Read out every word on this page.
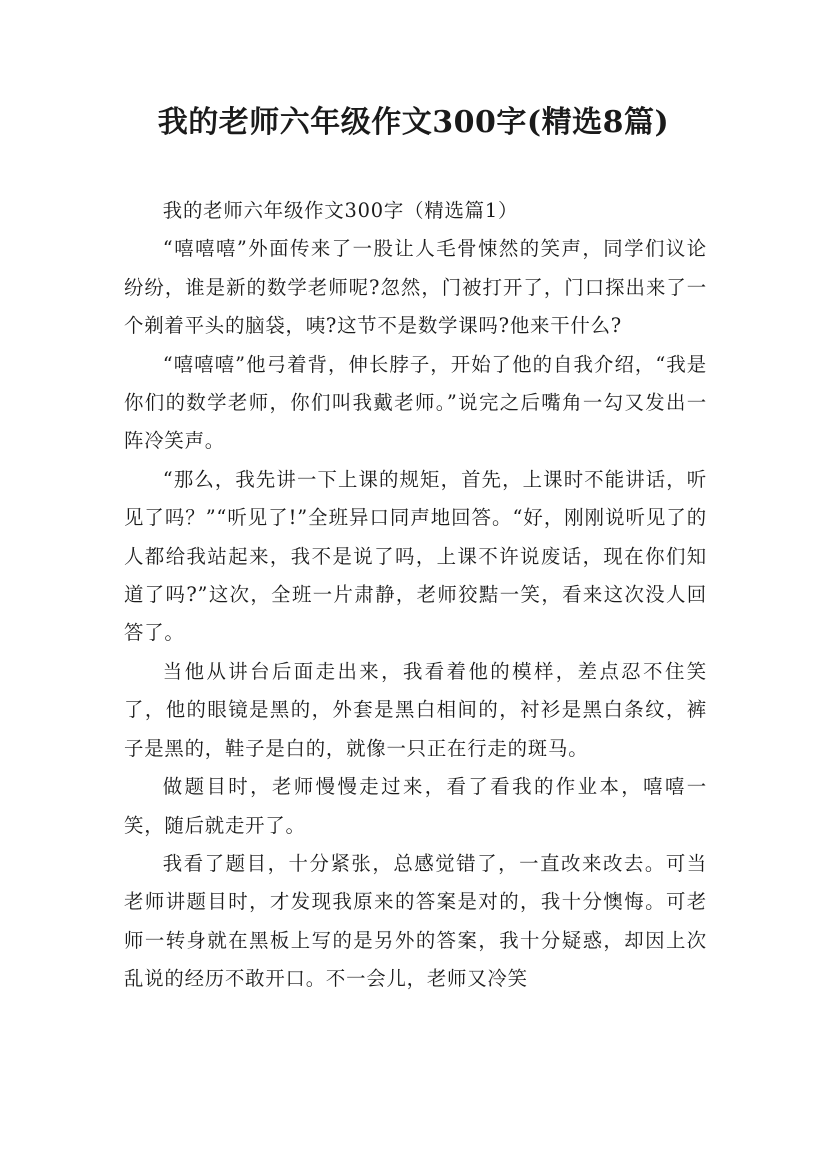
我的老师六年级作文300字(精选8篇)

我的老师六年级作文300字（精选篇1）

“嘻嘻嘻”外面传来了一股让人毛骨悚然的笑声，同学们议论纷纷，谁是新的数学老师呢?忽然，门被打开了，门口探出来了一个剃着平头的脑袋，咦?这节不是数学课吗?他来干什么?

“嘻嘻嘻”他弓着背，伸长脖子，开始了他的自我介绍，“我是你们的数学老师，你们叫我戴老师。”说完之后嘴角一勾又发出一阵冷笑声。

“那么，我先讲一下上课的规矩，首先，上课时不能讲话，听见了吗？”“听见了!”全班异口同声地回答。“好，刚刚说听见了的人都给我站起来，我不是说了吗，上课不许说废话，现在你们知道了吗?”这次，全班一片肃静，老师狡黠一笑，看来这次没人回答了。

当他从讲台后面走出来，我看着他的模样，差点忍不住笑了，他的眼镜是黑的，外套是黑白相间的，衬衫是黑白条纹，裤子是黑的，鞋子是白的，就像一只正在行走的斑马。

做题目时，老师慢慢走过来，看了看我的作业本，嘻嘻一笑，随后就走开了。

我看了题目，十分紧张，总感觉错了，一直改来改去。可当老师讲题目时，才发现我原来的答案是对的，我十分懊悔。可老师一转身就在黑板上写的是另外的答案，我十分疑惑，却因上次乱说的经历不敢开口。不一会儿，老师又冷笑
